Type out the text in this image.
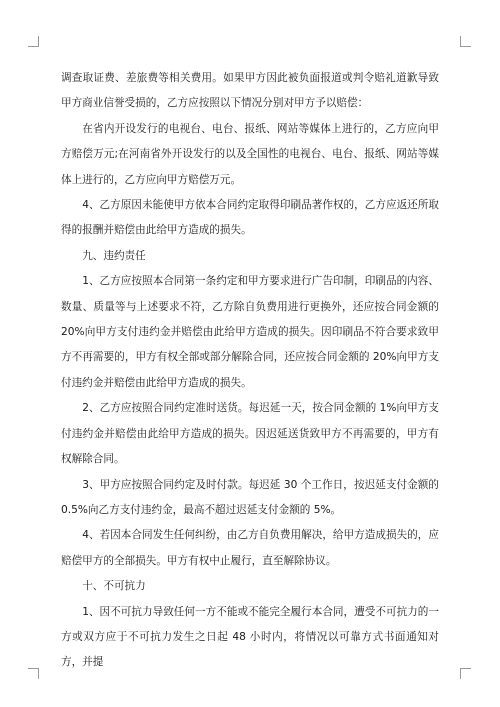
调查取证费、差旅费等相关费用。如果甲方因此被负面报道或判令赔礼道歉导致甲方商业信誉受损的，乙方应按照以下情况分别对甲方予以赔偿：

在省内开设发行的电视台、电台、报纸、网站等媒体上进行的，乙方应向甲方赔偿万元;在河南省外开设发行的以及全国性的电视台、电台、报纸、网站等媒体上进行的，乙方应向甲方赔偿万元。

4、乙方原因未能使甲方依本合同约定取得印刷品著作权的，乙方应返还所取得的报酬并赔偿由此给甲方造成的损失。

九、违约责任

1、乙方应按照本合同第一条约定和甲方要求进行广告印制，印刷品的内容、数量、质量等与上述要求不符，乙方除自负费用进行更换外，还应按合同金额的 20%向甲方支付违约金并赔偿由此给甲方造成的损失。因印刷品不符合要求致甲方不再需要的，甲方有权全部或部分解除合同，还应按合同金额的 20%向甲方支付违约金并赔偿由此给甲方造成的损失。

2、乙方应按照合同约定准时送货。每迟延一天，按合同金额的 1%向甲方支付违约金并赔偿由此给甲方造成的损失。因迟延送货致甲方不再需要的，甲方有权解除合同。

3、甲方应按照合同约定及时付款。每迟延 30 个工作日，按迟延支付金额的 0.5%向乙方支付违约金，最高不超过迟延支付金额的 5%。

4、若因本合同发生任何纠纷，由乙方自负费用解决，给甲方造成损失的，应赔偿甲方的全部损失。甲方有权中止履行，直至解除协议。

十、不可抗力

1、因不可抗力导致任何一方不能或不能完全履行本合同，遭受不可抗力的一方或双方应于不可抗力发生之日起 48 小时内，将情况以可靠方式书面通知对方，并提
